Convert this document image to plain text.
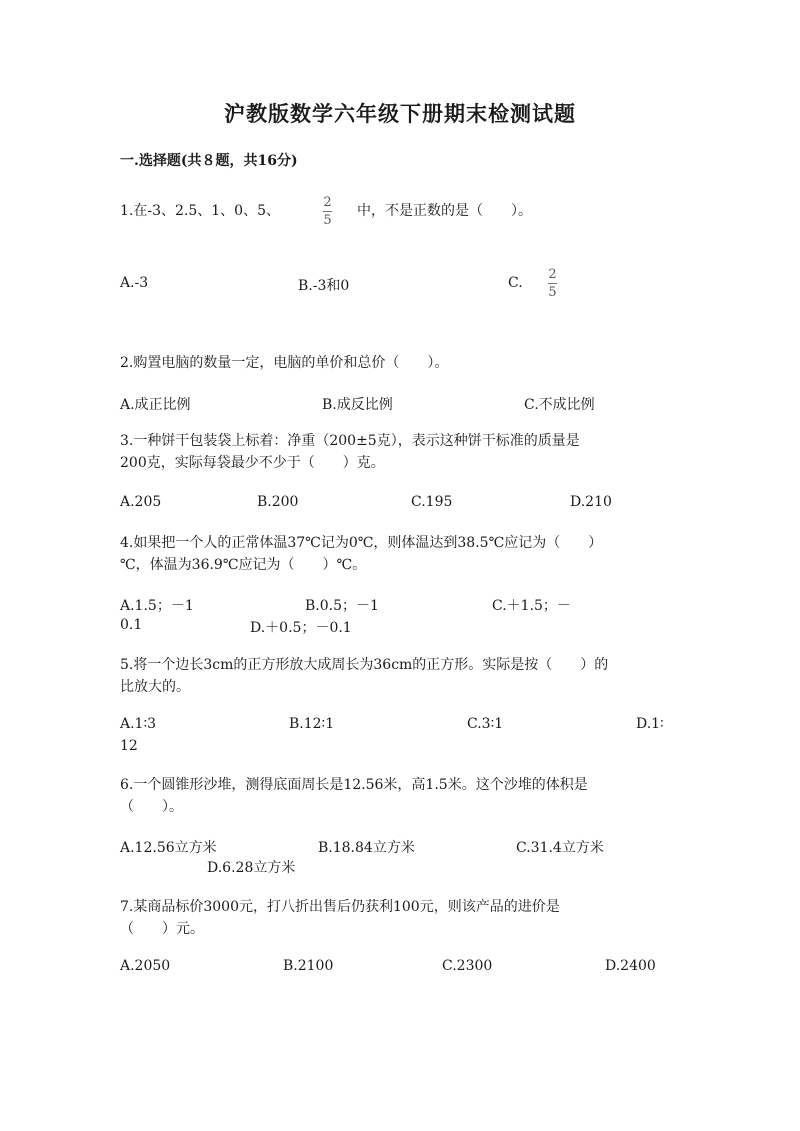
沪教版数学六年级下册期末检测试题
一.选择题(共８题，共16分)
1.在-3、2.5、1、0、5、
2
5
中，不是正数的是（　　）。
A.-3	B.-3和0	C.
2
5
2.购置电脑的数量一定，电脑的单价和总价（　　）。
A.成正比例	B.成反比例	C.不成比例
3.一种饼干包装袋上标着：净重（200±5克），表示这种饼干标准的质量是
200克，实际每袋最少不少于（　　）克。
A.205	B.200	C.195	D.210
4.如果把一个人的正常体温37℃记为0℃，则体温达到38.5℃应记为（　　）
℃，体温为36.9℃应记为（　　）℃。
A.1.5；－1	B.0.5；－1	C.＋1.5；－
0.1	D.＋0.5；－0.1
5.将一个边长3cm的正方形放大成周长为36cm的正方形。实际是按（　　）的
比放大的。
A.1∶3	B.12∶1	C.3∶1	D.1∶
12
6.一个圆锥形沙堆，测得底面周长是12.56米，高1.5米。这个沙堆的体积是
（　　）。
A.12.56立方米	B.18.84立方米	C.31.4立方米
D.6.28立方米
7.某商品标价3000元，打八折出售后仍获利100元，则该产品的进价是
（　　）元。
A.2050	B.2100	C.2300	D.2400
